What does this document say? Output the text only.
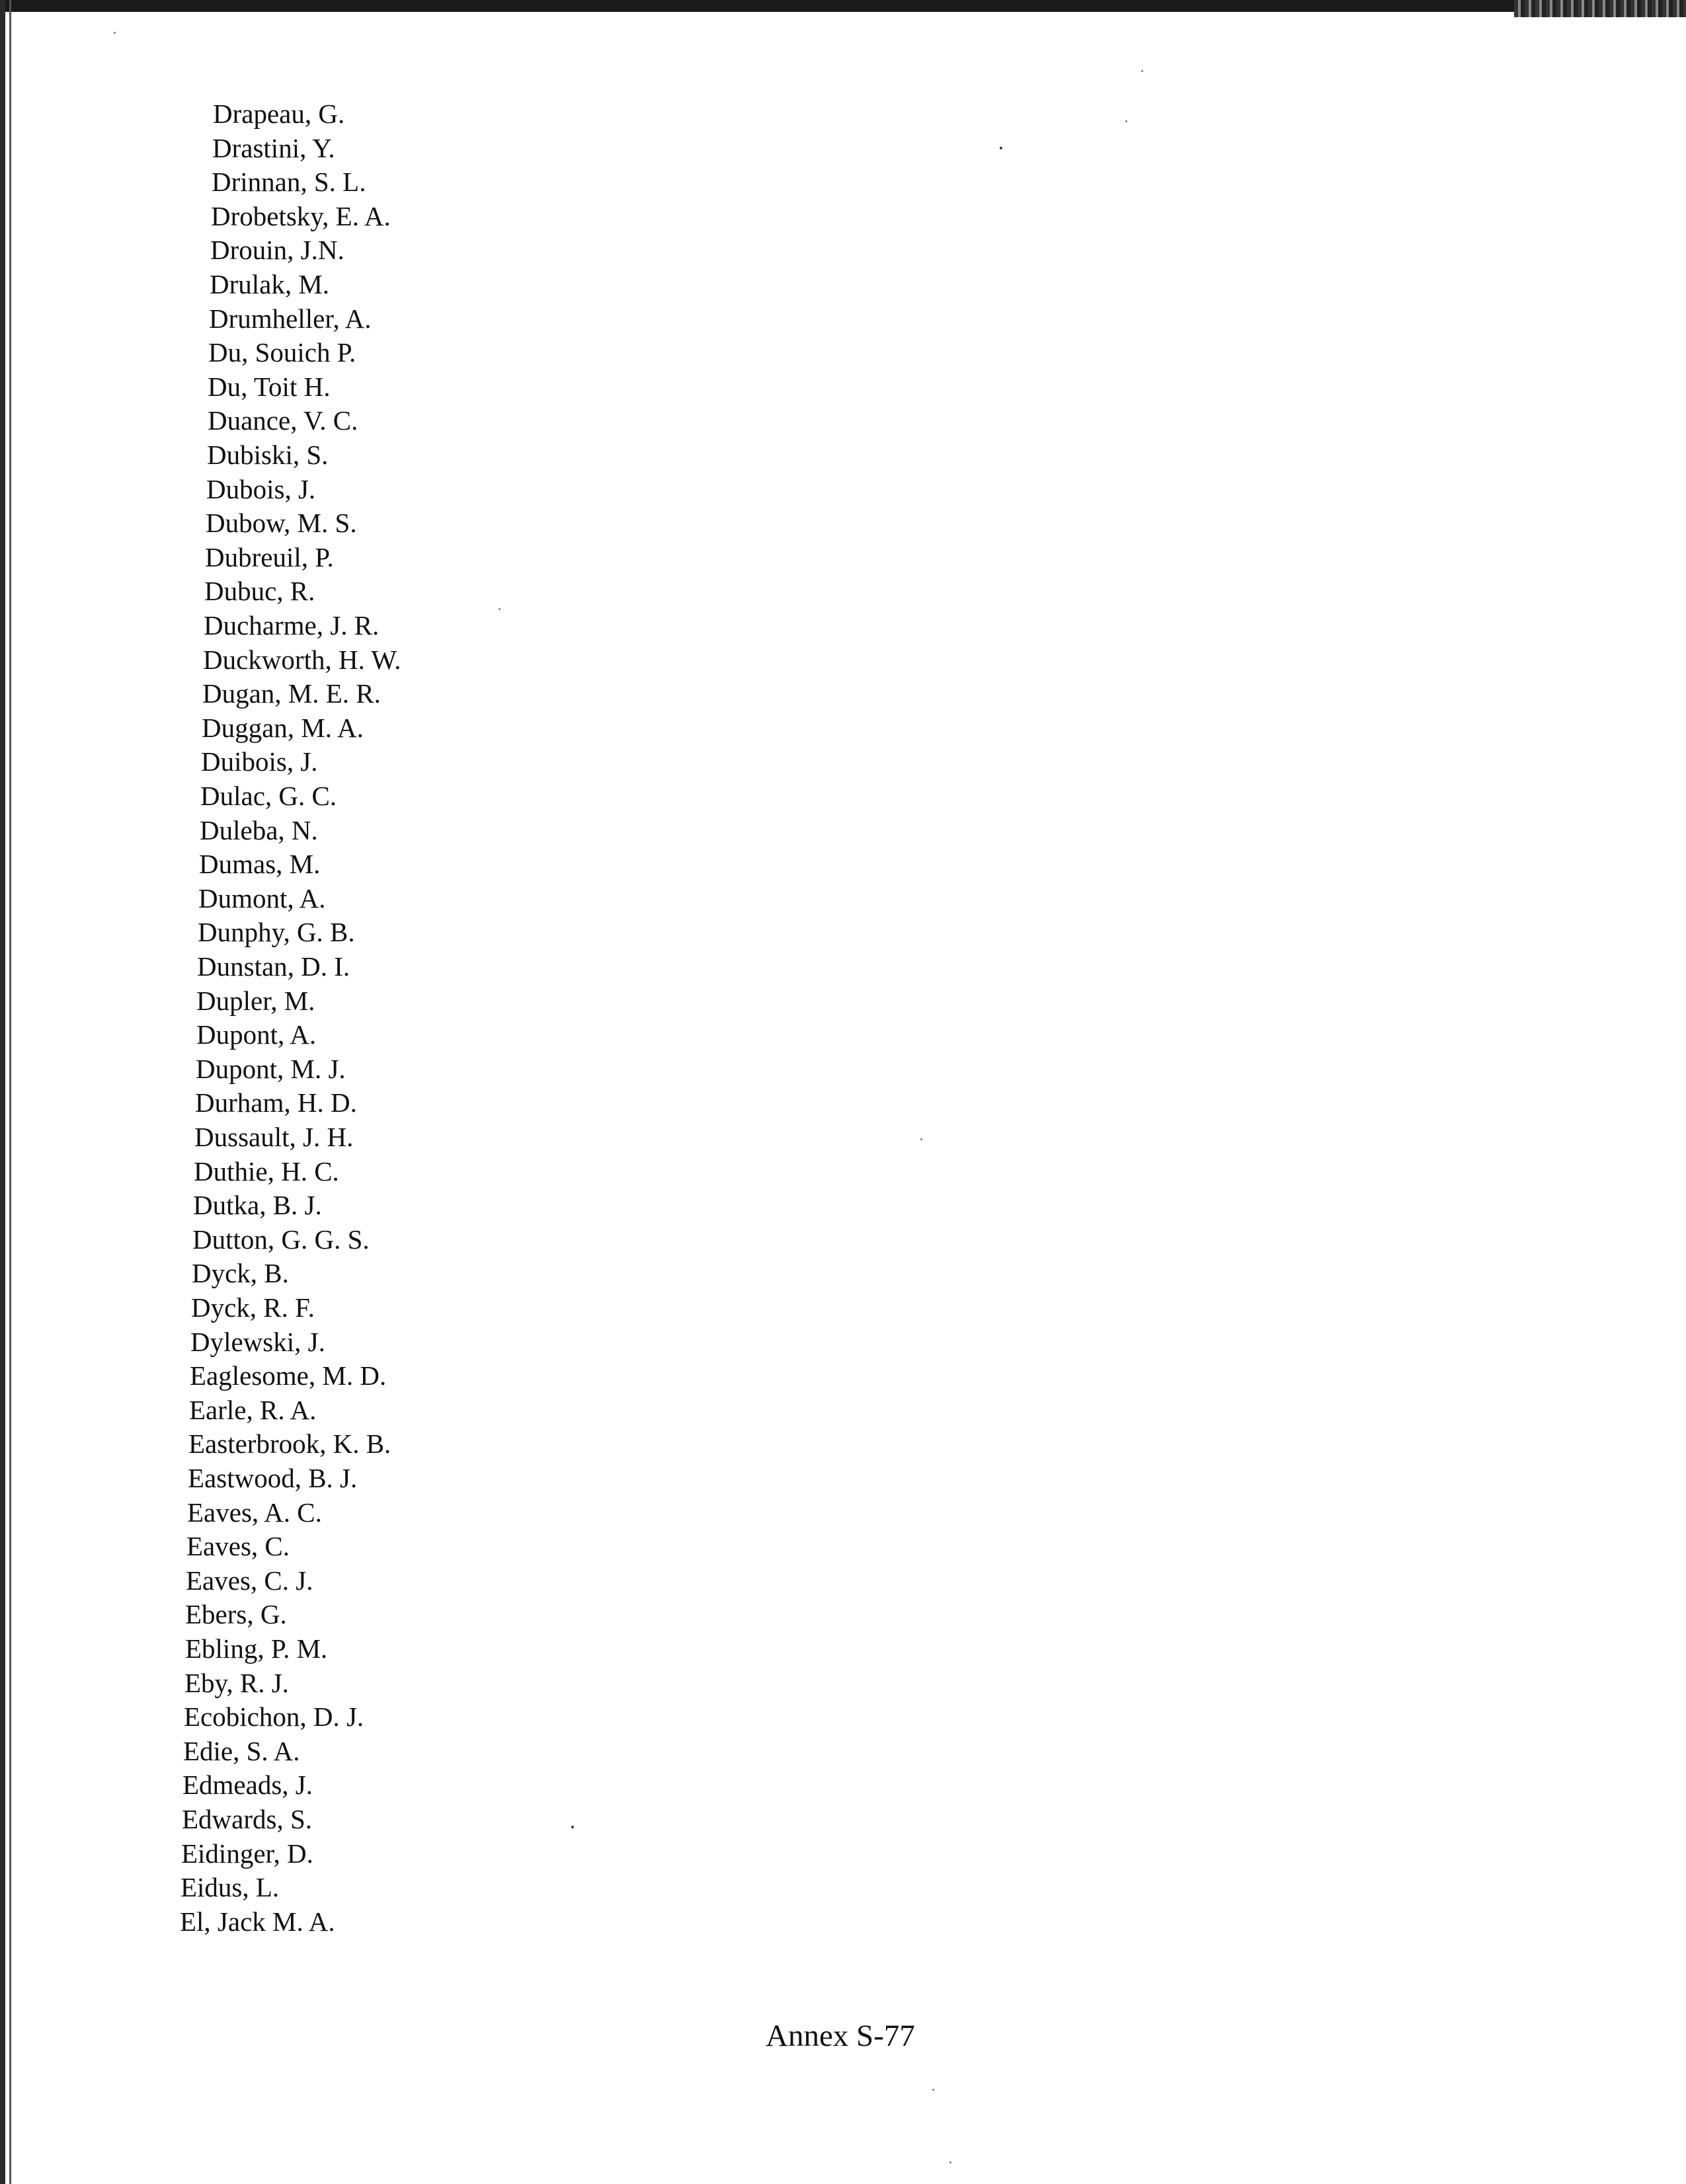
Drapeau, G.
Drastini, Y.
Drinnan, S. L.
Drobetsky, E. A.
Drouin, J.N.
Drulak, M.
Drumheller, A.
Du, Souich P.
Du, Toit H.
Duance, V. C.
Dubiski, S.
Dubois, J.
Dubow, M. S.
Dubreuil, P.
Dubuc, R.
Ducharme, J. R.
Duckworth, H. W.
Dugan, M. E. R.
Duggan, M. A.
Duibois, J.
Dulac, G. C.
Duleba, N.
Dumas, M.
Dumont, A.
Dunphy, G. B.
Dunstan, D. I.
Dupler, M.
Dupont, A.
Dupont, M. J.
Durham, H. D.
Dussault, J. H.
Duthie, H. C.
Dutka, B. J.
Dutton, G. G. S.
Dyck, B.
Dyck, R. F.
Dylewski, J.
Eaglesome, M. D.
Earle, R. A.
Easterbrook, K. B.
Eastwood, B. J.
Eaves, A. C.
Eaves, C.
Eaves, C. J.
Ebers, G.
Ebling, P. M.
Eby, R. J.
Ecobichon, D. J.
Edie, S. A.
Edmeads, J.
Edwards, S.
Eidinger, D.
Eidus, L.
El, Jack M. A.
Annex S-77
